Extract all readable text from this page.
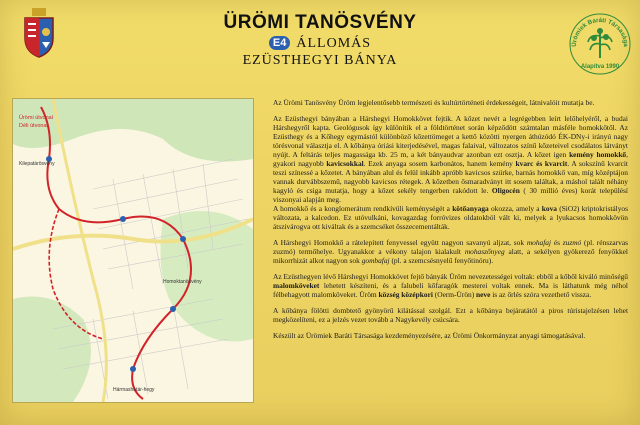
ÜRÖMI TANÖSVÉNY
E4 ÁLLOMÁS
EZÜSTHEGYI BÁNYA
Ürömiek Baráti Társasága
Alapítva 1990
Ürömi útvonal
Déli útvonal
Kilepatárösvény
Homoktanösvény
Hármashatár-hegy

Az Ürömi Tanösvény Üröm legjelentősebb természeti és kultúrtörténeti érdekességeit, látnivalóit mutatja be.

Az Ezüsthegyi bányában a Hárshegyi Homokkövet fejtik. A kőzet nevét a legrégebben leírt lelőhelyéről, a budai Hárshegyről kapta. Geológusok így különítik el a földtörténet során képződött számtalan másféle homokkőtől. Az Ezüsthegy és a Kőhegy egymástól különböző kőzettömeget a kettő közötti nyergen áthúzódó ÉK-DNy-i irányú nagy törésvonal választja el. A kőbánya óriási kiterjedésével, magas falaival, változatos színű kőzeteivel csodálatos látványt nyújt. A feltárás teljes magassága kb. 25 m, a két bányaudvar azonban ezt osztja. A kőzet igen kemény homokkő, gyakori nagyobb kavicsokkal. Ezek anyaga sosem karbonátos, hanem kemény kvarc és kvarcit. A sokszínű kvarcit teszi színessé a kőzetet. A bányában alul és felül inkább apróbb kavicsos szürke, barnás homokkő van, míg középtájon vannak durvábbszemű, nagyobb kavicsos rétegek. A kőzetben ősmaradványt itt sosem találtak, a máshol talált néhány kagyló és csiga mutatja, hogy a kőzet sekély tengerben rakódott le. Oligocén ( 30 millió éves) korát településí viszonyai alapján meg.
A homokkő és a konglomerátum rendkívüli keménységét a kötőanyaga okozza, amely a kova (SiO2) kriptokristályos változata, a kalcedon. Ez utóvulkáni, kovagazdag forróvizes oldatokból vált ki, melyek a lyukacsos homokkövön átszivárogva ott kiváltak és a szemcséket összecementálták.

A Hárshegyi Homokkő a rátelepített fenyvessel együtt nagyon savanyú aljzat, sok mohafaj és zuzmó (pl. rénszarvas zuzmó) termőhelye. Ugyanakkor a vékony talajon kialakult mohaszőnyeg alatt, a sekélyen gyökerező fenyőkkel mikorrhizát alkot nagyon sok gombafaj (pl. a szemcsésnyelű fenyőtinóru).

Az Ezüsthegyen lévő Hárshegyi Homokkövet fejtő bányák Üröm nevezetességei voltak: ebből a kőből kiváló minőségű malomköveket lehetett készíteni, és a falubeli kőfaragók mesterei voltak ennek. Ma is láthatunk még néhol félbehagyott malomköveket. Üröm község középkori (Oerm-Ürön) neve is az őrlés szóra vezethető vissza.

A kőbánya fölötti dombtető gyönyörű kilátással szolgál. Ezt a kőbánya bejáratától a piros túristajelzésen lehet megközelíteni, ez a jelzés vezet tovább a Nagykevély csúcsára.

Készült az Ürömiek Baráti Társasága kezdeményezésére, az Ürömi Önkormányzat anyagi támogatásával.
